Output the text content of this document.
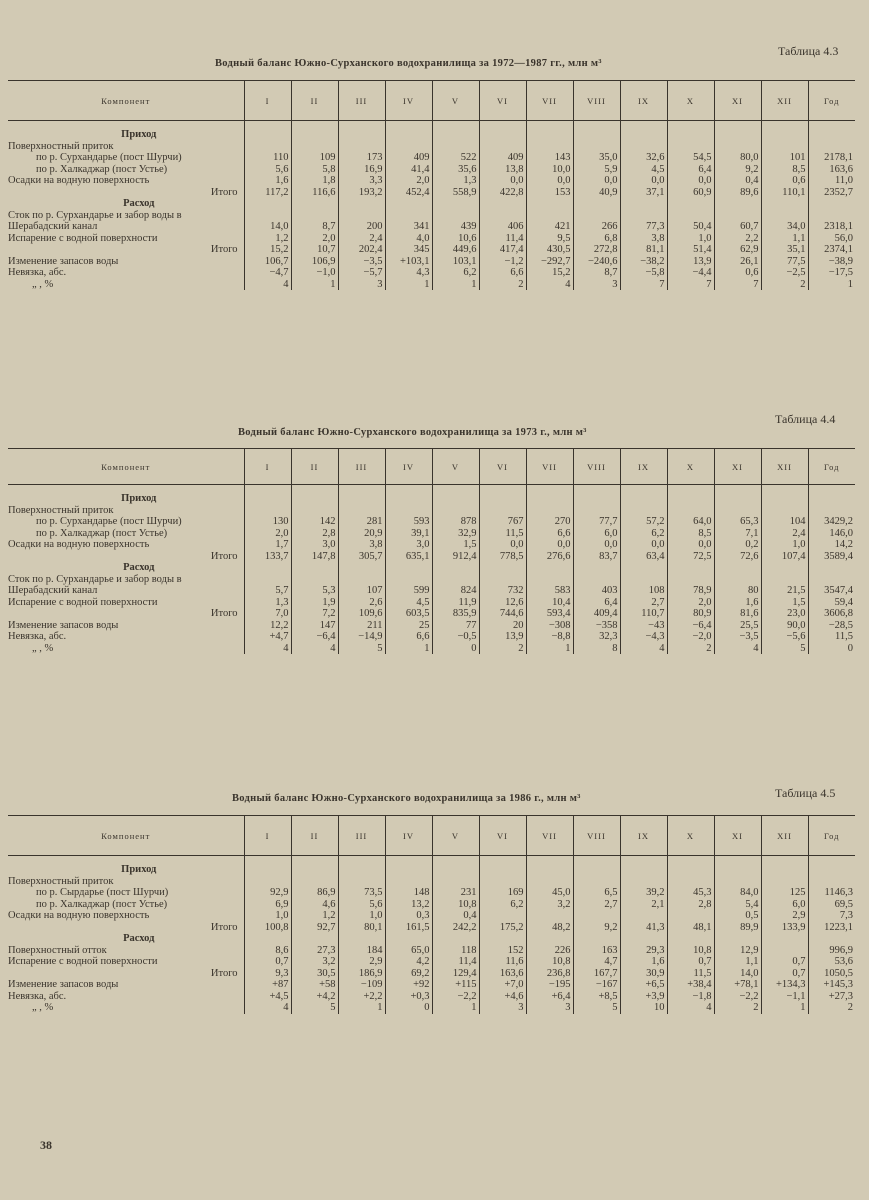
Таблица 4.3
Водный баланс Южно-Сурханского водохранилища за 1972—1987 гг., млн м³
Компонент	I	II	III	IV	V	VI	VII	VIII	IX	X	XI	XII	Год

Приход													

Поверхностный приток													

по р. Сурхандарье (пост Шурчи)	110	109	173	409	522	409	143	35,0	32,6	54,5	80,0	101	2178,1

по р. Халкаджар (пост Устье)	5,6	5,8	16,9	41,4	35,6	13,8	10,0	5,9	4,5	6,4	9,2	8,5	163,6

Осадки на водную поверхность	1,6	1,8	3,3	2,0	1,3	0,0	0,0	0,0	0,0	0,0	0,4	0,6	11,0

Итого	117,2	116,6	193,2	452,4	558,9	422,8	153	40,9	37,1	60,9	89,6	110,1	2352,7

Расход													

Сток по р. Сурхандарье и забор воды в Шерабадский канал	14,0	8,7	200	341	439	406	421	266	77,3	50,4	60,7	34,0	2318,1

Испарение с водной поверхности	1,2	2,0	2,4	4,0	10,6	11,4	9,5	6,8	3,8	1,0	2,2	1,1	56,0

Итого	15,2	10,7	202,4	345	449,6	417,4	430,5	272,8	81,1	51,4	62,9	35,1	2374,1

Изменение запасов воды	106,7	106,9	−3,5	+103,1	103,1	−1,2	−292,7	−240,6	−38,2	13,9	26,1	77,5	−38,9

Невязка, абс.	−4,7	−1,0	−5,7	4,3	6,2	6,6	15,2	8,7	−5,8	−4,4	0,6	−2,5	−17,5

„ , %	4	1	3	1	1	2	4	3	7	7	7	2	1
Таблица 4.4
Водный баланс Южно-Сурханского водохранилища за 1973 г., млн м³
Компонент	I	II	III	IV	V	VI	VII	VIII	IX	X	XI	XII	Год

Приход													

Поверхностный приток													

по р. Сурхандарье (пост Шурчи)	130	142	281	593	878	767	270	77,7	57,2	64,0	65,3	104	3429,2

по р. Халкаджар (пост Устье)	2,0	2,8	20,9	39,1	32,9	11,5	6,6	6,0	6,2	8,5	7,1	2,4	146,0

Осадки на водную поверхность	1,7	3,0	3,8	3,0	1,5	0,0	0,0	0,0	0,0	0,0	0,2	1,0	14,2

Итого	133,7	147,8	305,7	635,1	912,4	778,5	276,6	83,7	63,4	72,5	72,6	107,4	3589,4

Расход													

Сток по р. Сурхандарье и забор воды в Шерабадский канал	5,7	5,3	107	599	824	732	583	403	108	78,9	80	21,5	3547,4

Испарение с водной поверхности	1,3	1,9	2,6	4,5	11,9	12,6	10,4	6,4	2,7	2,0	1,6	1,5	59,4

Итого	7,0	7,2	109,6	603,5	835,9	744,6	593,4	409,4	110,7	80,9	81,6	23,0	3606,8

Изменение запасов воды	12,2	147	211	25	77	20	−308	−358	−43	−6,4	25,5	90,0	−28,5

Невязка, абс.	+4,7	−6,4	−14,9	6,6	−0,5	13,9	−8,8	32,3	−4,3	−2,0	−3,5	−5,6	11,5

„ , %	4	4	5	1	0	2	1	8	4	2	4	5	0
Таблица 4.5
Водный баланс Южно-Сурханского водохранилища за 1986 г., млн м³
Компонент	I	II	III	IV	V	VI	VII	VIII	IX	X	XI	XII	Год

Приход													

Поверхностный приток													

по р. Сырдарье (пост Шурчи)	92,9	86,9	73,5	148	231	169	45,0	6,5	39,2	45,3	84,0	125	1146,3

по р. Халкаджар (пост Устье)	6,9	4,6	5,6	13,2	10,8	6,2	3,2	2,7	2,1	2,8	5,4	6,0	69,5

Осадки на водную поверхность	1,0	1,2	1,0	0,3	0,4						0,5	2,9	7,3

Итого	100,8	92,7	80,1	161,5	242,2	175,2	48,2	9,2	41,3	48,1	89,9	133,9	1223,1

Расход													

Поверхностный отток	8,6	27,3	184	65,0	118	152	226	163	29,3	10,8	12,9		996,9

Испарение с водной поверхности	0,7	3,2	2,9	4,2	11,4	11,6	10,8	4,7	1,6	0,7	1,1	0,7	53,6

Итого	9,3	30,5	186,9	69,2	129,4	163,6	236,8	167,7	30,9	11,5	14,0	0,7	1050,5

Изменение запасов воды	+87	+58	−109	+92	+115	+7,0	−195	−167	+6,5	+38,4	+78,1	+134,3	+145,3

Невязка, абс.	+4,5	+4,2	+2,2	+0,3	−2,2	+4,6	+6,4	+8,5	+3,9	−1,8	−2,2	−1,1	+27,3

„ , %	4	5	1	0	1	3	3	5	10	4	2	1	2
38
